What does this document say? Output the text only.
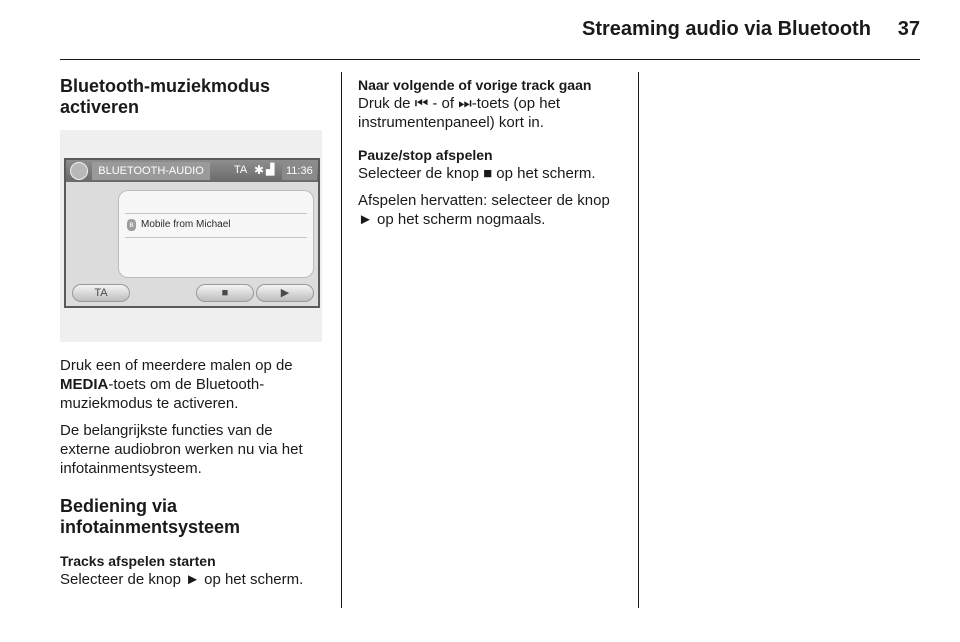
Streaming audio via Bluetooth	37
Bluetooth-muziekmodus activeren
BLUETOOTH-AUDIO	TA ✱ ▟	11:36
ʙ Mobile from Michael
TA	■	▶

Druk een of meerdere malen op de MEDIA-toets om de Bluetooth-muziekmodus te activeren.

De belangrijkste functies van de externe audiobron werken nu via het infotainmentsysteem.

Bediening via infotainmentsysteem
Tracks afspelen starten

Selecteer de knop ► op het scherm.

Naar volgende of vorige track gaan

Druk de ⏮ - of ⏭-toets (op het instrumentenpaneel) kort in.

Pauze/stop afspelen

Selecteer de knop ■ op het scherm.

Afspelen hervatten: selecteer de knop ► op het scherm nogmaals.
